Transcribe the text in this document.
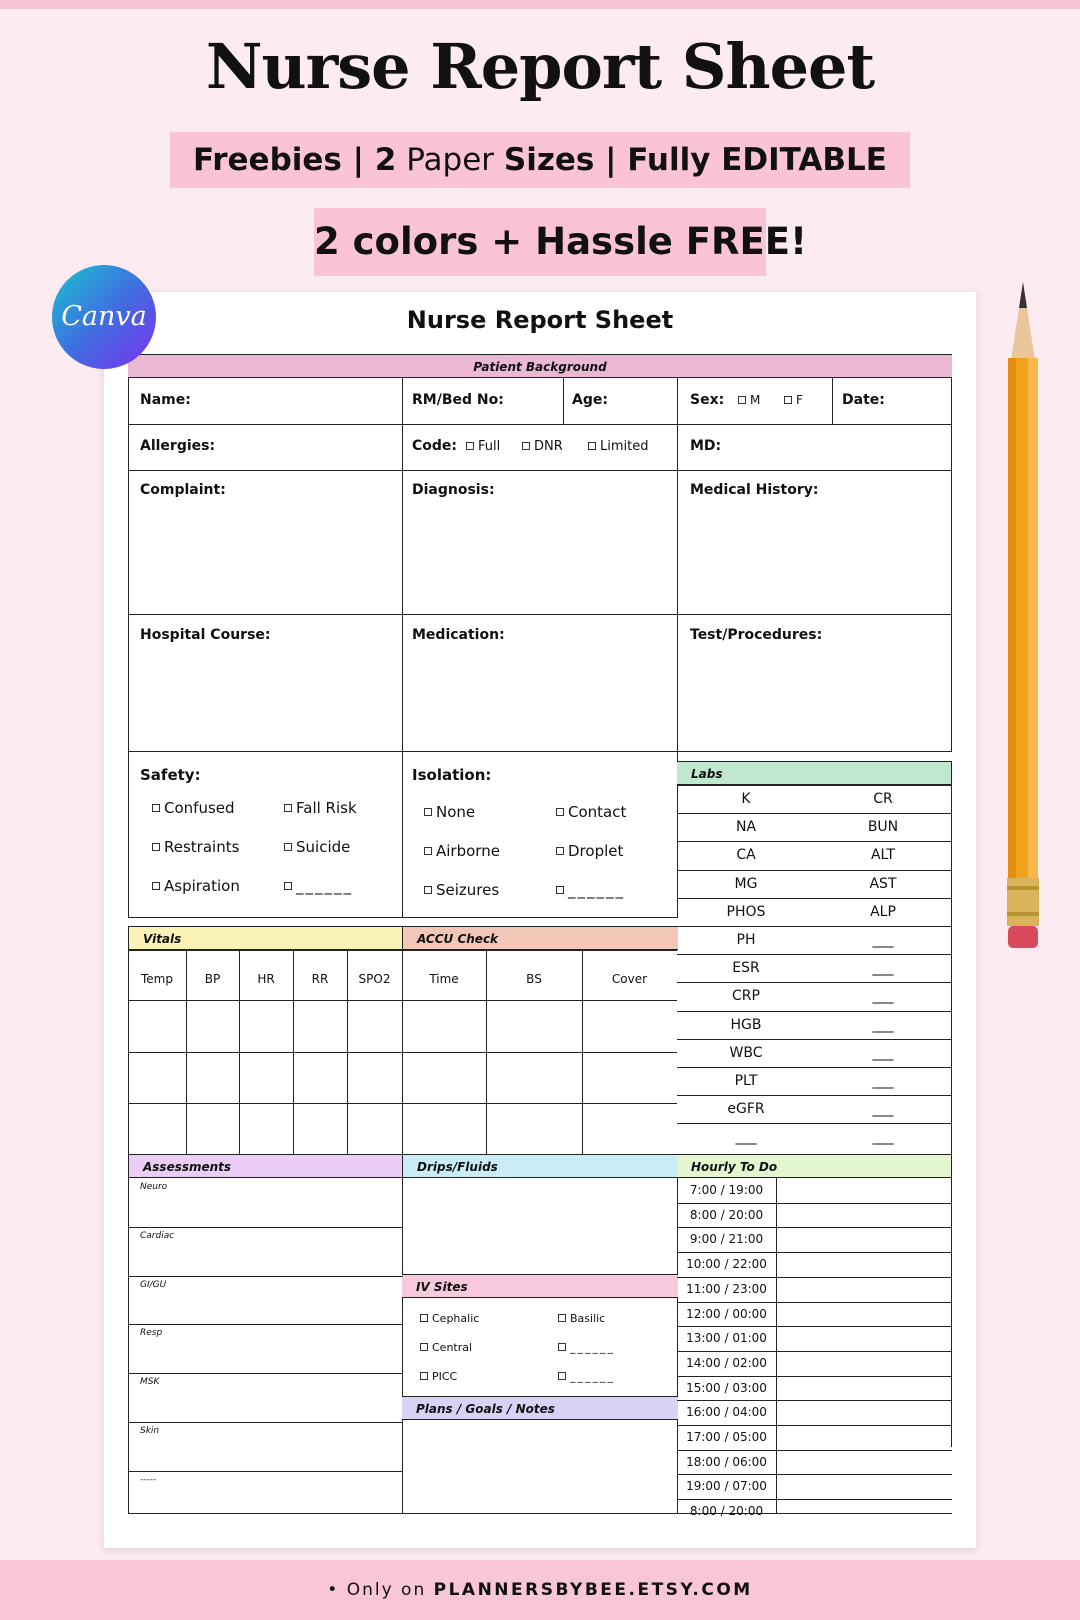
Nurse Report Sheet
Freebies | 2 Paper Sizes | Fully EDITABLE
2 colors + Hassle FREE!
Nurse Report Sheet
Patient Background
Name:	RM/Bed No:	Age:	Sex:	M	F	Date:
Allergies:	Code:	Full	DNR	Limited	MD:
Complaint:	Diagnosis:	Medical History:
Hospital Course:	Medication:	Test/Procedures:
Safety:
Confused	Fall Risk
Restraints	Suicide
Aspiration	______
Isolation:
None	Contact
Airborne	Droplet
Seizures	______
Labs
Vitals	ACCU Check
Assessments	Drips/Fluids
IV Sites
Cephalic	Basilic
Central	______
PICC	______
Plans / Goals / Notes
Hourly To Do
K	CR
NA	BUN
CA	ALT
MG	AST
PHOS	ALP
PH	___
ESR	___
CRP	___
HGB	___
WBC	___
PLT	___
eGFR	___
___	___
Temp	BP	HR	RR	SPO2	Time	BS	Cover
Neuro
Cardiac
GI/GU
Resp
MSK
Skin
-----
7:00 / 19:00
8:00 / 20:00
9:00 / 21:00
10:00 / 22:00
11:00 / 23:00
12:00 / 00:00
13:00 / 01:00
14:00 / 02:00
15:00 / 03:00
16:00 / 04:00
17:00 / 05:00
18:00 / 06:00
19:00 / 07:00
8:00 / 20:00
Canva
• Only on PLANNERSBYBEE.ETSY.COM
